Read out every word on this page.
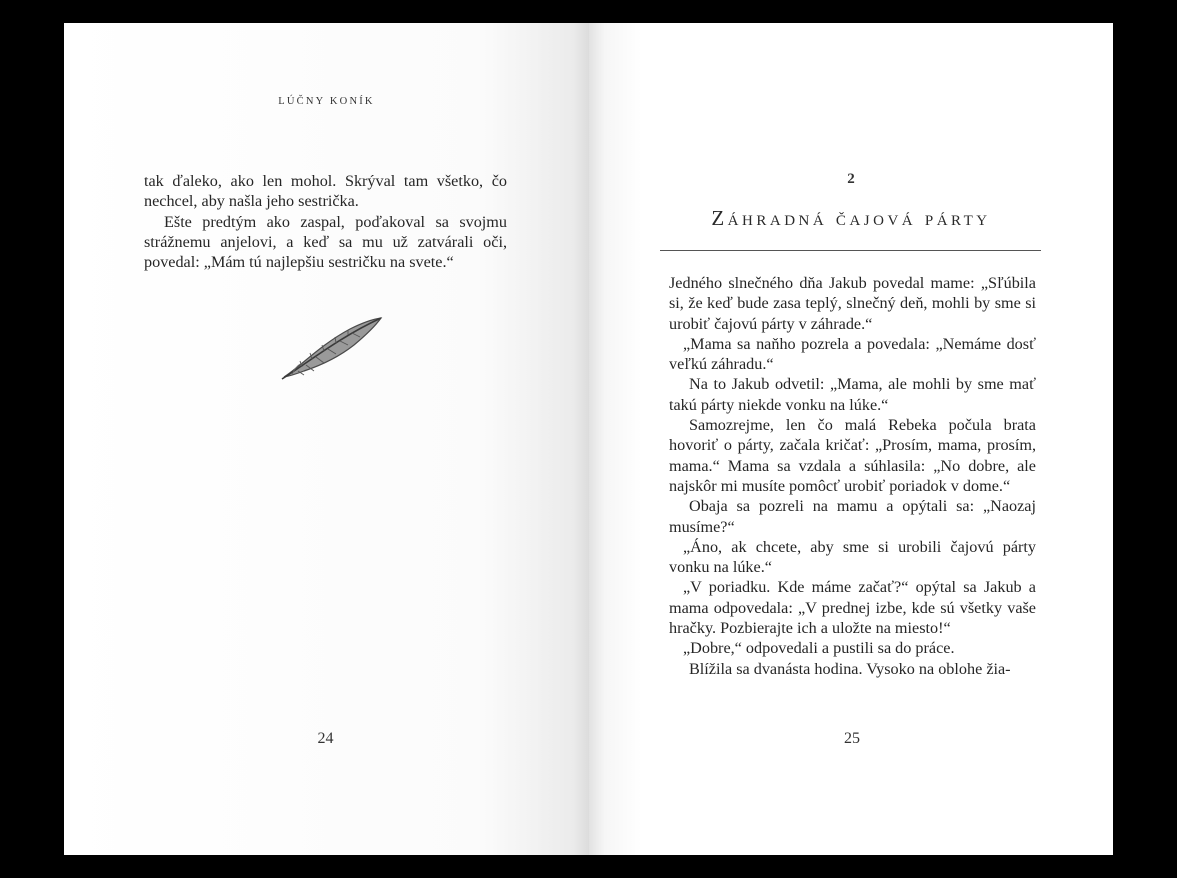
LÚČNY KONÍK

tak ďaleko, ako len mohol. Skrýval tam všetko, čo nechcel, aby našla jeho sestrička.

Ešte predtým ako zaspal, poďakoval sa svojmu strážnemu anjelovi, a keď sa mu už zatvárali oči, povedal: „Mám tú najlepšiu sestričku na svete.“

24
2
Záhradná čajová párty

Jedného slnečného dňa Jakub povedal mame: „Sľúbila si, že keď bude zasa teplý, slnečný deň, mohli by sme si urobiť čajovú párty v záhrade.“

„Mama sa naňho pozrela a povedala: „Nemáme dosť veľkú záhradu.“

Na to Jakub odvetil: „Mama, ale mohli by sme mať takú párty niekde vonku na lúke.“

Samozrejme, len čo malá Rebeka počula brata hovoriť o párty, začala kričať: „Prosím, mama, prosím, mama.“ Mama sa vzdala a súhlasila: „No dobre, ale najskôr mi musíte pomôcť urobiť poriadok v dome.“

Obaja sa pozreli na mamu a opýtali sa: „Naozaj musíme?“

„Áno, ak chcete, aby sme si urobili čajovú párty vonku na lúke.“

„V poriadku. Kde máme začať?“ opýtal sa Jakub a mama odpovedala: „V prednej izbe, kde sú všetky vaše hračky. Pozbierajte ich a uložte na miesto!“

„Dobre,“ odpovedali a pustili sa do práce.

Blížila sa dvanásta hodina. Vysoko na oblohe žia-

25
